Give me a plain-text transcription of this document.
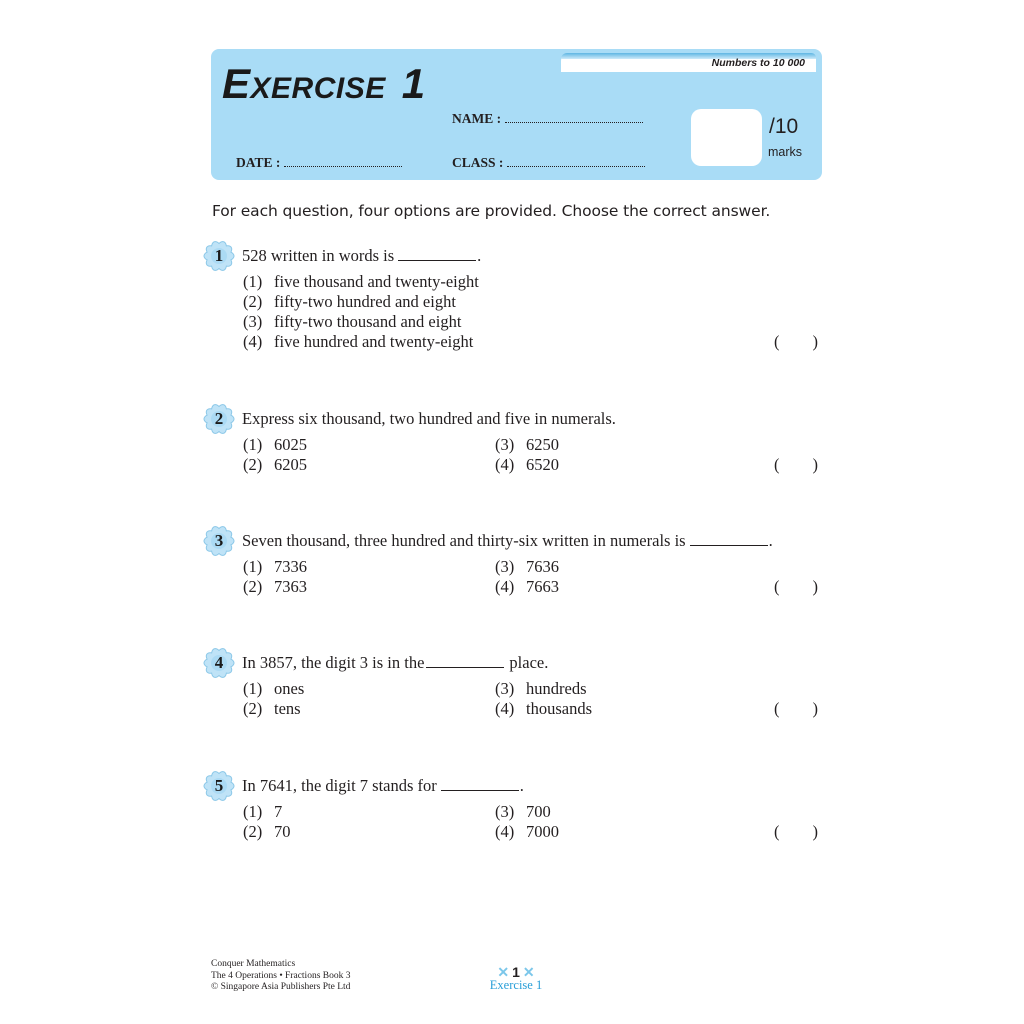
Numbers to 10 000
EXERCISE 1
NAME :
CLASS :
DATE :
/10
marks
For each question, four options are provided. Choose the correct answer.
1	528 written in words is	.
(1) five thousand and twenty-eight
(2) fifty-two hundred and eight
(3) fifty-two thousand and eight
(4) five hundred and twenty-eight	(        )
2	Express six thousand, two hundred and five in numerals.
(1) 6025
(2) 6205
(3) 6250
(4) 6520	(        )
3	Seven thousand, three hundred and thirty-six written in numerals is	.
(1) 7336
(2) 7363
(3) 7636
(4) 7663	(        )
4	In 3857, the digit 3 is in the	place.
(1) ones
(2) tens
(3) hundreds
(4) thousands	(        )
5	In 7641, the digit 7 stands for	.
(1) 7
(2) 70
(3) 700
(4) 7000	(        )
Conquer Mathematics
The 4 Operations • Fractions Book 3
© Singapore Asia Publishers Pte Ltd
✕ 1 ✕
Exercise 1
